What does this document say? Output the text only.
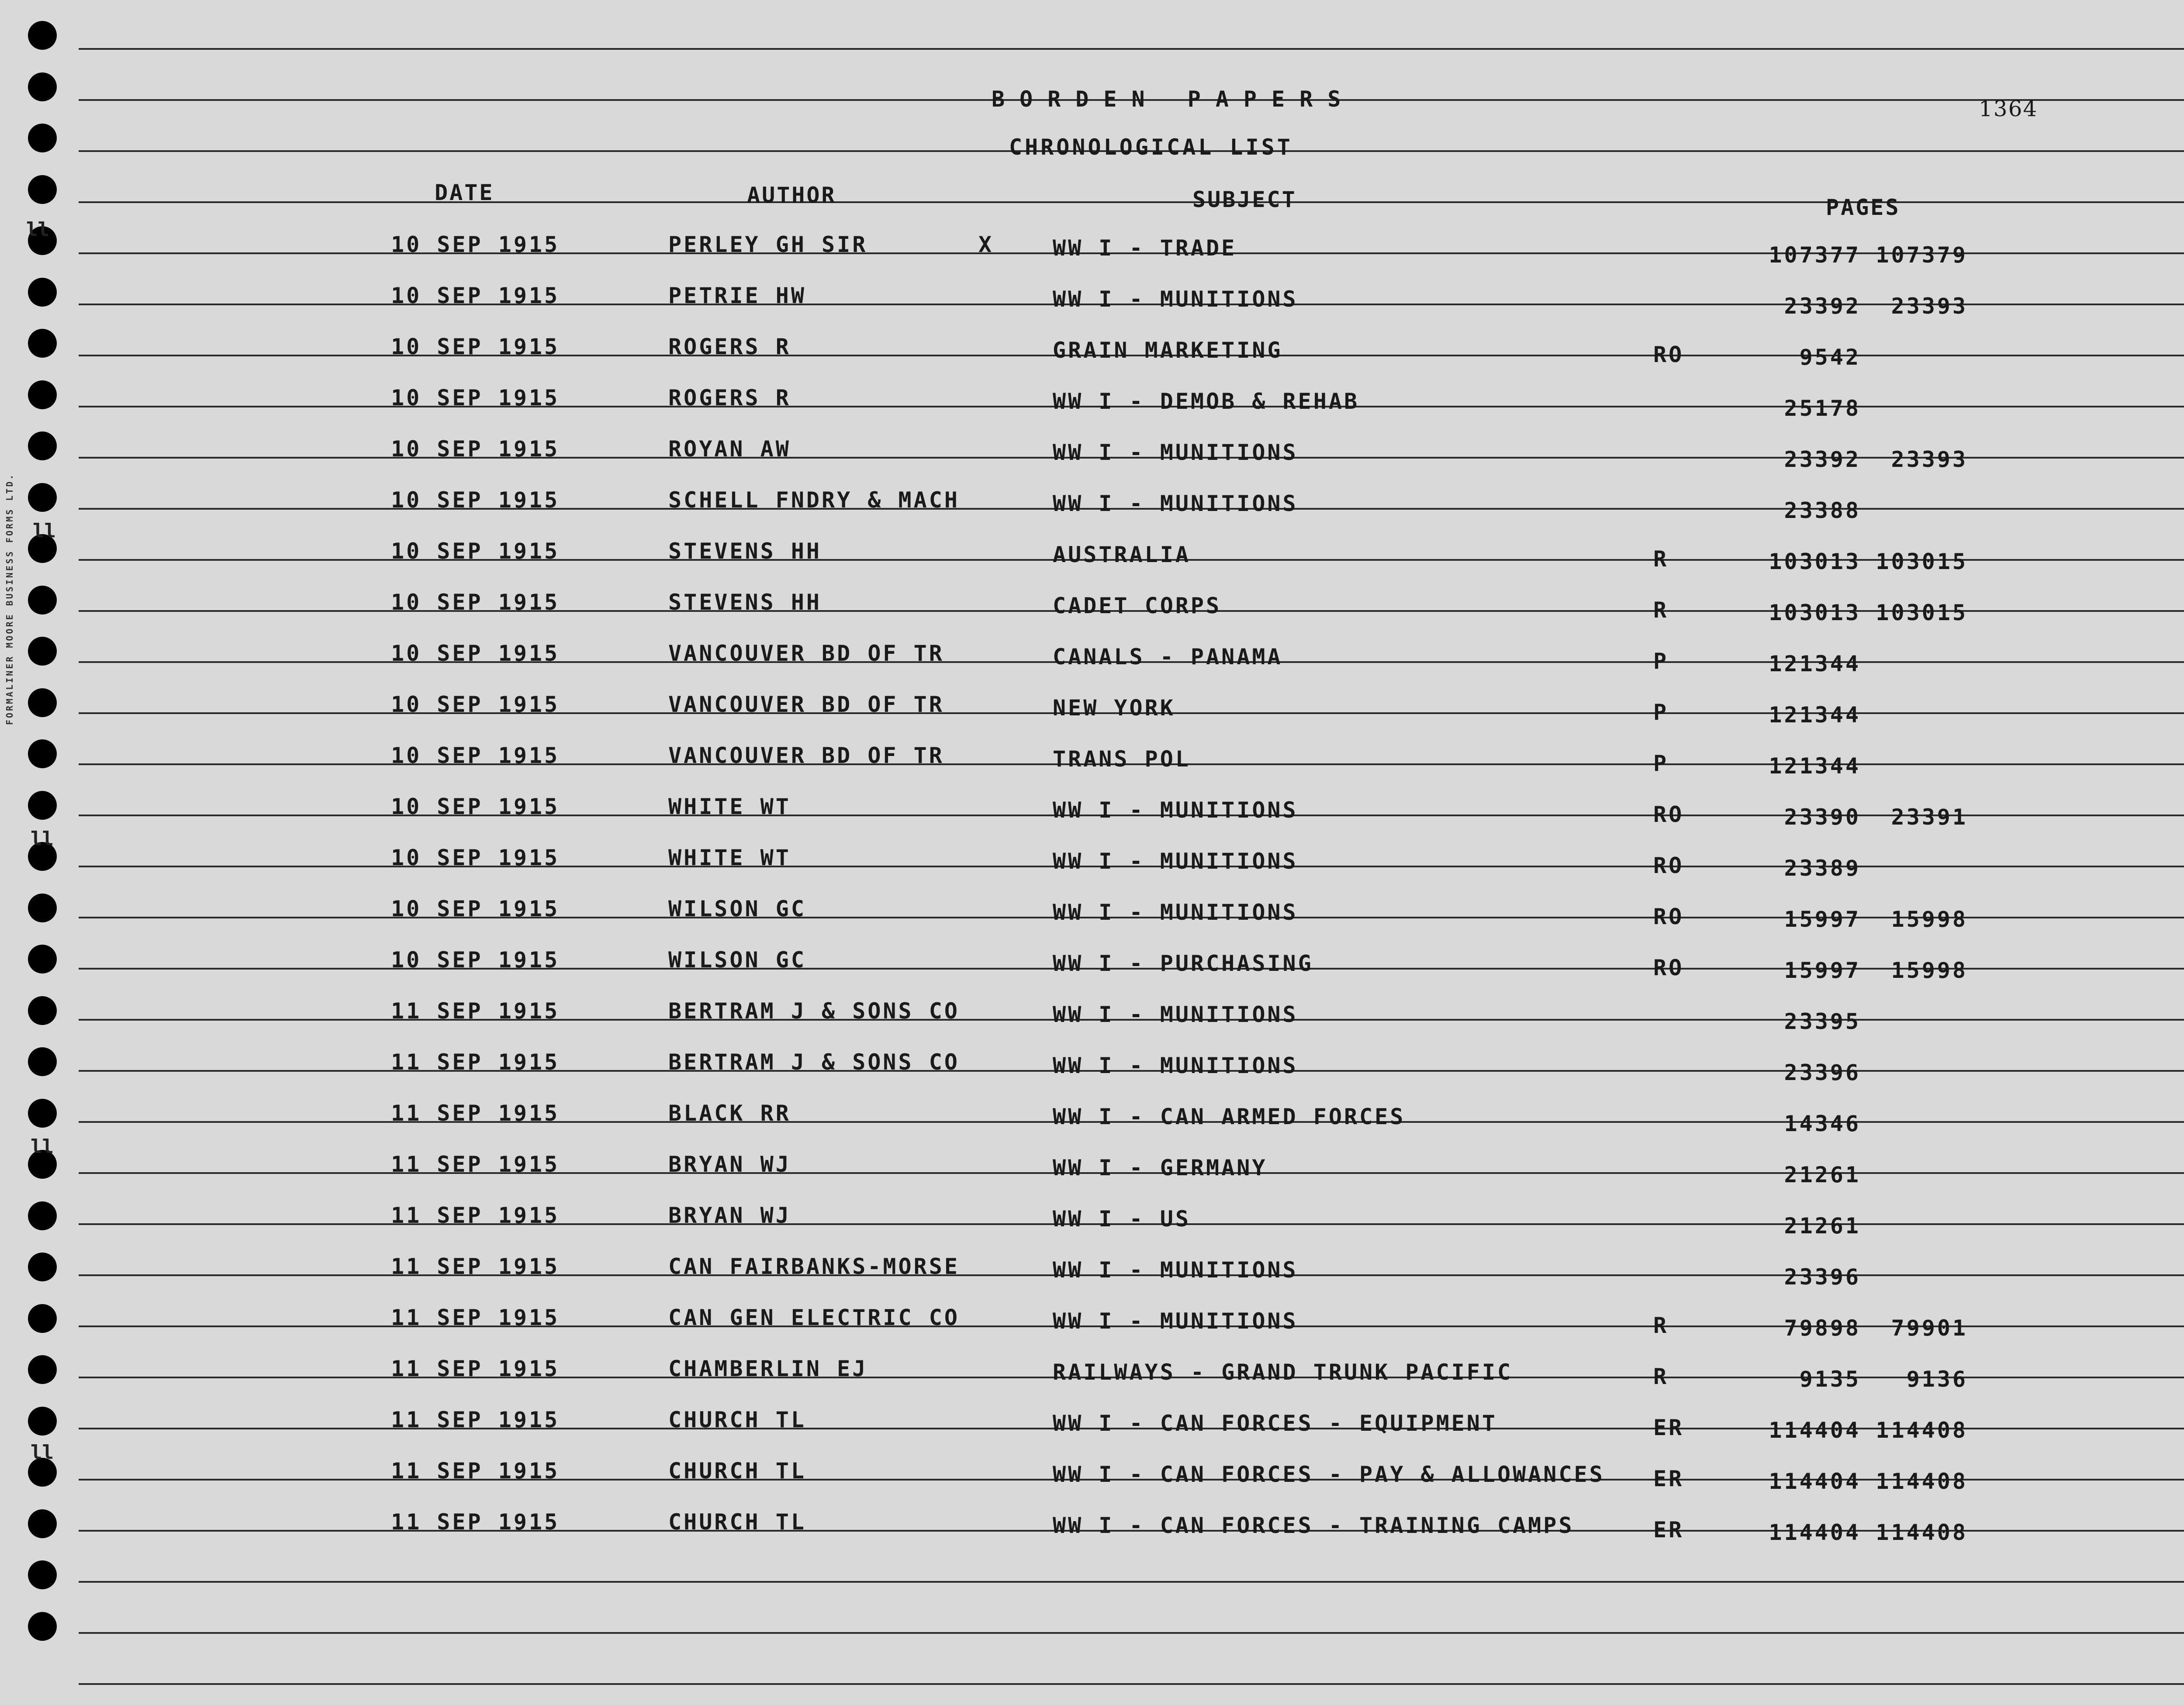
BORDEN PAPERS	1364
CHRONOLOGICAL LIST
DATE	AUTHOR	SUBJECT	PAGES
10 SEP 1915	PERLEY GH SIR	X	WW I - TRADE	107377 107379
10 SEP 1915	PETRIE HW	WW I - MUNITIONS	23392	23393
10 SEP 1915	ROGERS R	GRAIN MARKETING	RO	9542
10 SEP 1915	ROGERS R	WW I - DEMOB & REHAB	25178
10 SEP 1915	ROYAN AW	WW I - MUNITIONS	23392	23393
10 SEP 1915	SCHELL FNDRY & MACH	WW I - MUNITIONS	23388
10 SEP 1915	STEVENS HH	AUSTRALIA	R	103013 103015
10 SEP 1915	STEVENS HH	CADET CORPS	R	103013 103015
10 SEP 1915	VANCOUVER BD OF TR	CANALS - PANAMA	P	121344
10 SEP 1915	VANCOUVER BD OF TR	NEW YORK	P	121344
10 SEP 1915	VANCOUVER BD OF TR	TRANS POL	P	121344
10 SEP 1915	WHITE WT	WW I - MUNITIONS	RO	23390	23391
10 SEP 1915	WHITE WT	WW I - MUNITIONS	RO	23389
10 SEP 1915	WILSON GC	WW I - MUNITIONS	RO	15997	15998
10 SEP 1915	WILSON GC	WW I - PURCHASING	RO	15997	15998
11 SEP 1915	BERTRAM J & SONS CO	WW I - MUNITIONS	23395
11 SEP 1915	BERTRAM J & SONS CO	WW I - MUNITIONS	23396
11 SEP 1915	BLACK RR	WW I - CAN ARMED FORCES	14346
11 SEP 1915	BRYAN WJ	WW I - GERMANY	21261
11 SEP 1915	BRYAN WJ	WW I - US	21261
11 SEP 1915	CAN FAIRBANKS-MORSE	WW I - MUNITIONS	23396
11 SEP 1915	CAN GEN ELECTRIC CO	WW I - MUNITIONS	R	79898	79901
11 SEP 1915	CHAMBERLIN EJ	RAILWAYS - GRAND TRUNK PACIFIC	R	9135	9136
11 SEP 1915	CHURCH TL	WW I - CAN FORCES - EQUIPMENT	ER	114404 114408
11 SEP 1915	CHURCH TL	WW I - CAN FORCES - PAY & ALLOWANCES ER	114404 114408
11 SEP 1915	CHURCH TL	WW I - CAN FORCES - TRAINING CAMPS	ER	114404 114408
FORMALINER MOORE BUSINESS FORMS LTD.
ll
ll
ll
ll
ll
